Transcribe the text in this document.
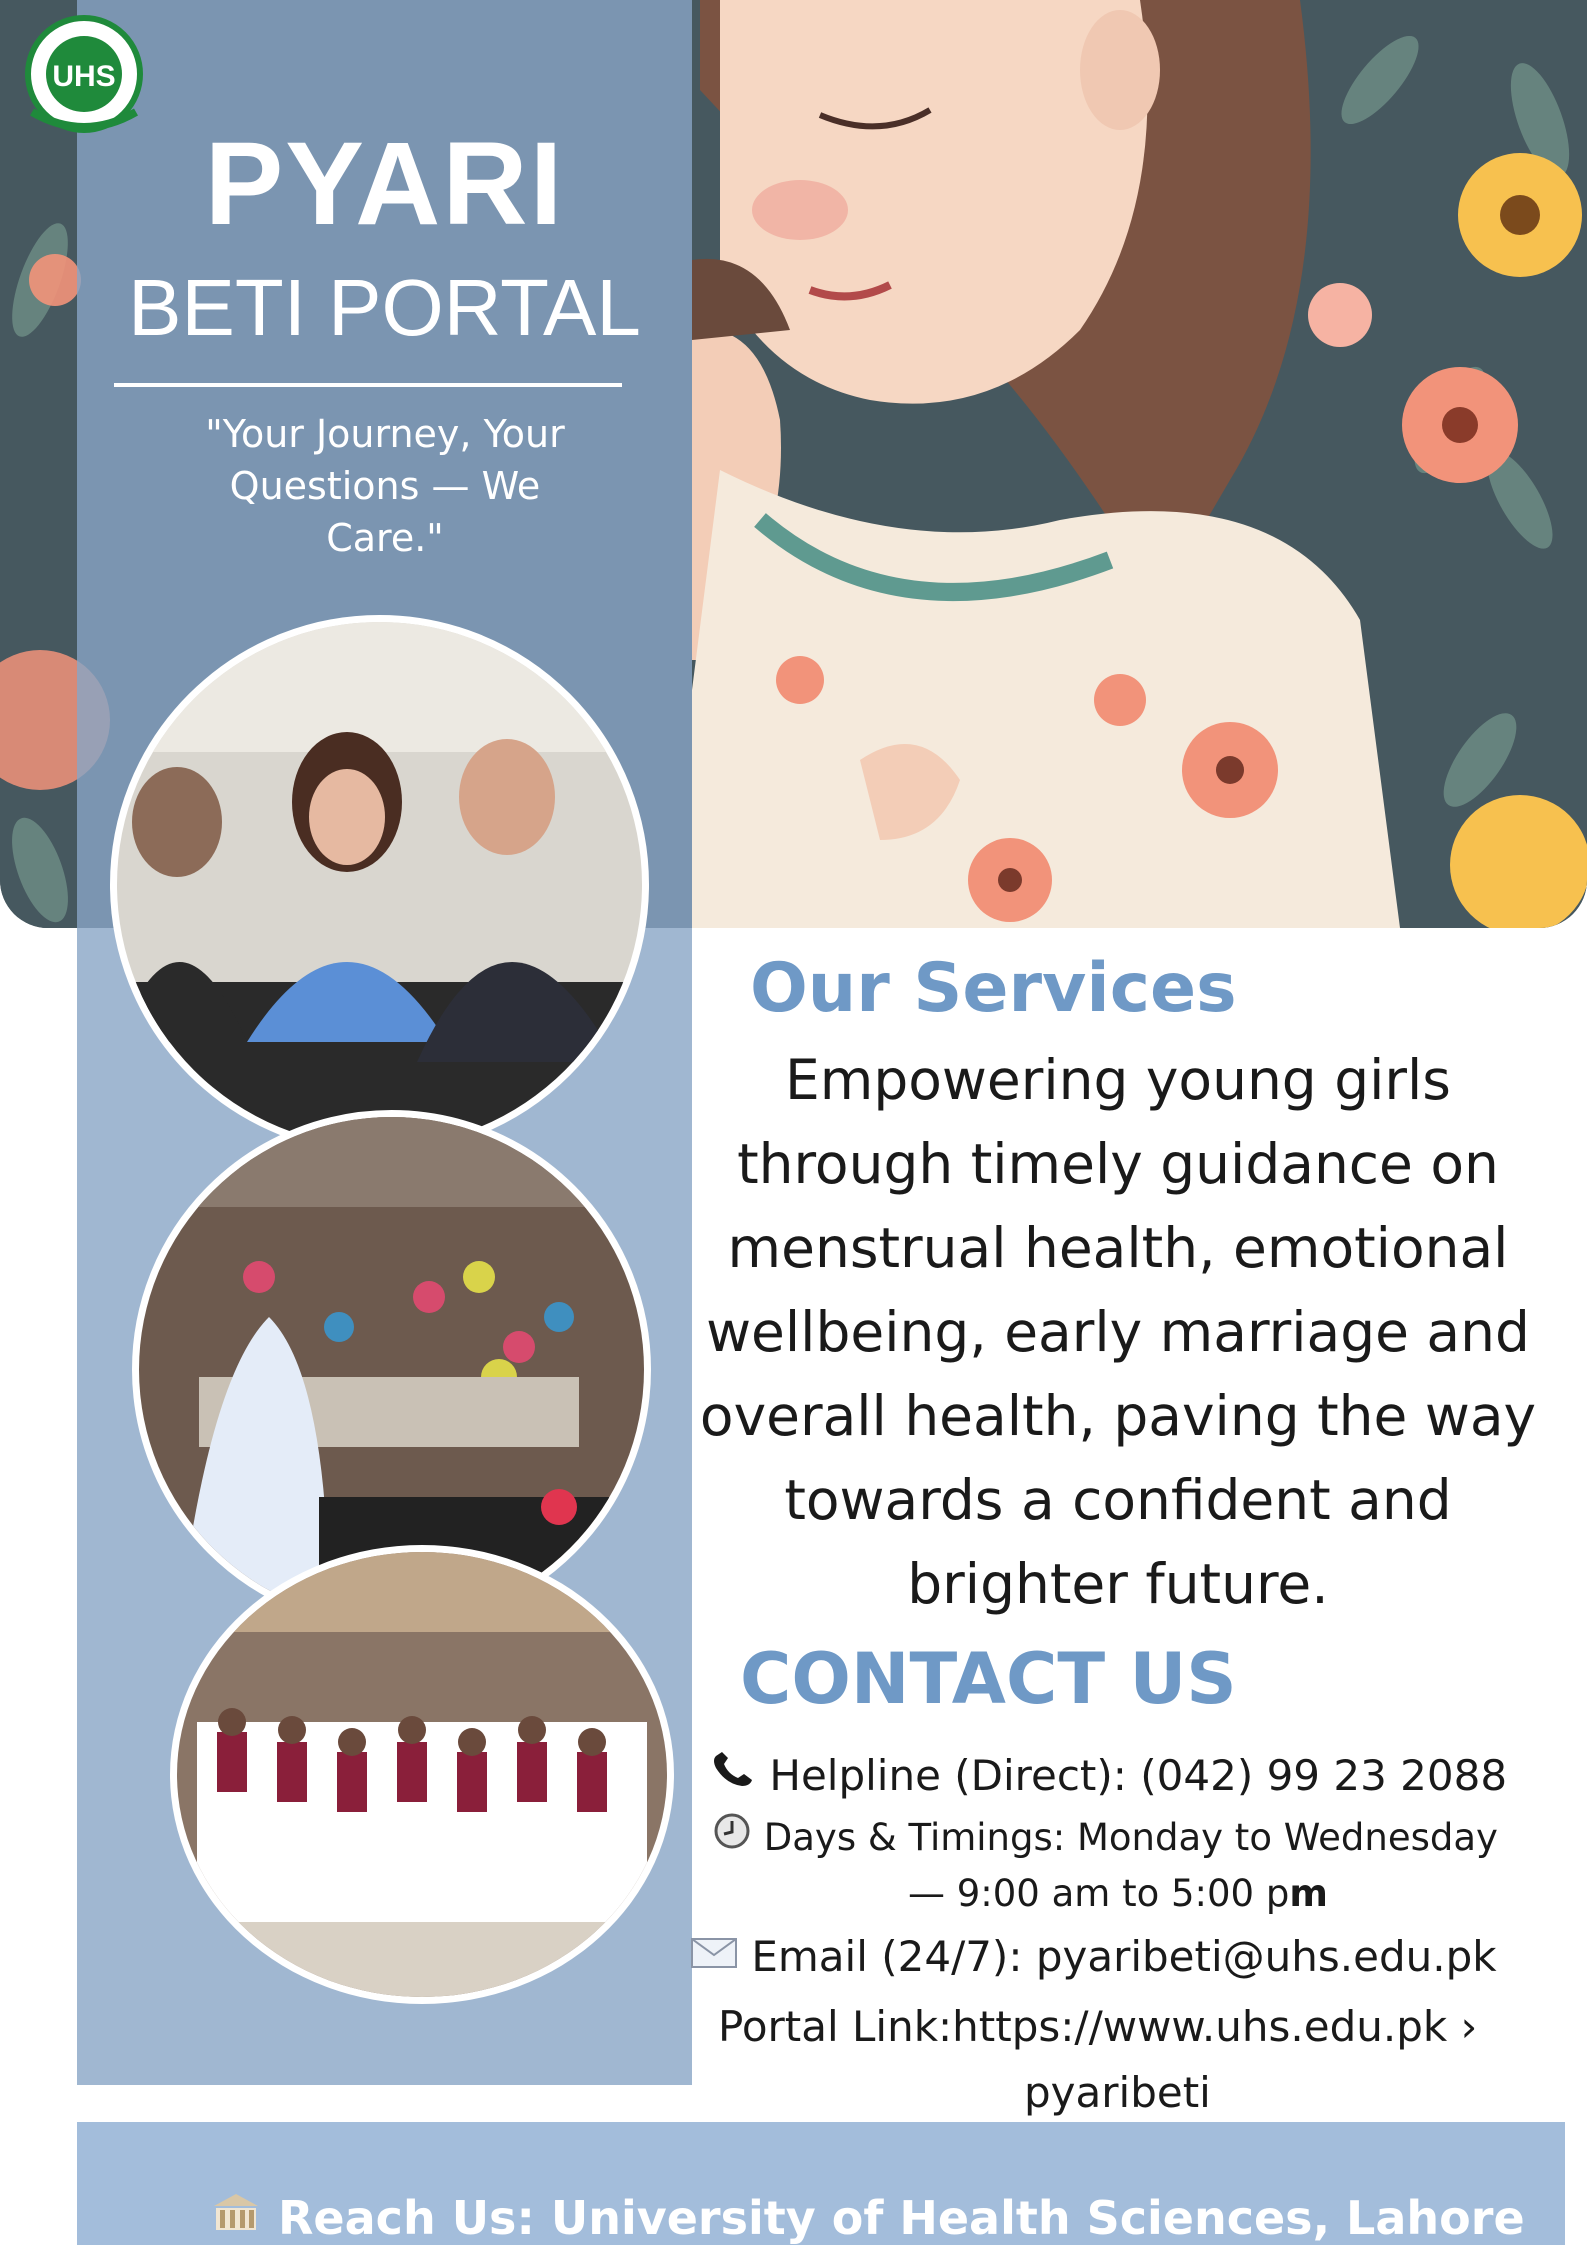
UHS
PYARI
BETI PORTAL
"Your Journey, Your
Questions — We
Care."
Our Services
Empowering young girls
through timely guidance on
menstrual health, emotional
wellbeing, early marriage and
overall health, paving the way
towards a confident and
brighter future.
CONTACT US
Helpline (Direct): (042) 99 23 2088
Days & Timings: Monday to Wednesday
— 9:00 am to 5:00 pm
Email (24/7): pyaribeti@uhs.edu.pk
Portal Link:https://www.uhs.edu.pk ›
pyaribeti
Reach Us: University of Health Sciences, Lahore
